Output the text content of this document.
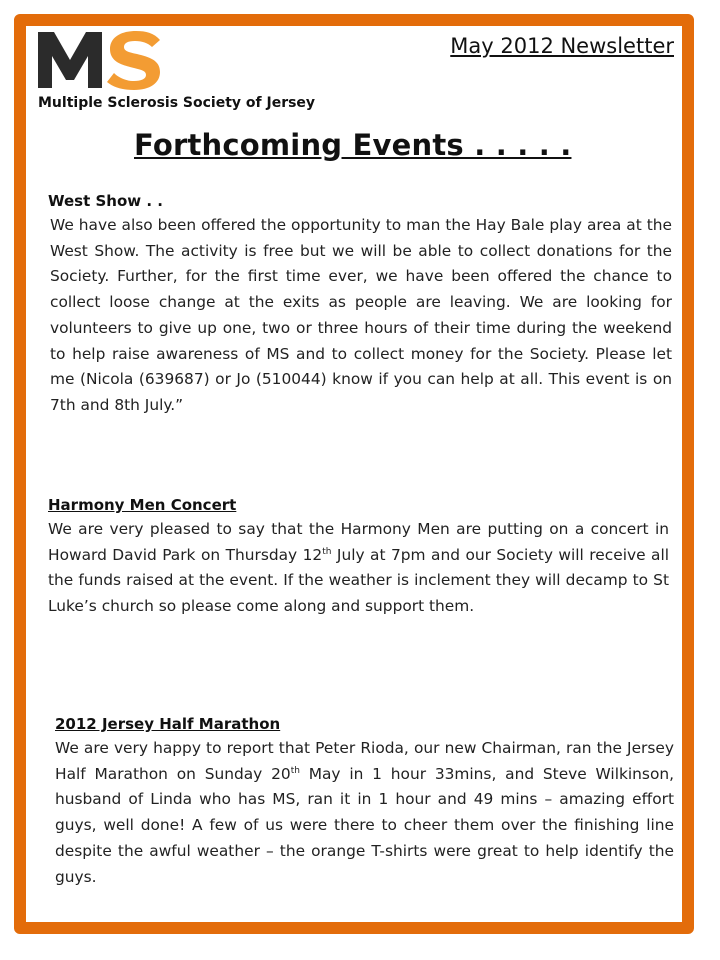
Multiple Sclerosis Society of Jersey
May 2012 Newsletter
Forthcoming Events . . . . .
West Show . .

We have also been offered the opportunity to man the Hay Bale play area at the West Show. The activity is free but we will be able to collect donations for the Society. Further, for the first time ever, we have been offered the chance to collect loose change at the exits as people are leaving. We are looking for volunteers to give up one, two or three hours of their time during the weekend to help raise awareness of MS and to collect money for the Society. Please let me (Nicola (639687) or Jo (510044) know if you can help at all. This event is on 7th and 8th July.”

Harmony Men Concert

We are very pleased to say that the Harmony Men are putting on a concert in Howard David Park on Thursday 12th July at 7pm and our Society will receive all the funds raised at the event. If the weather is inclement they will decamp to St Luke’s church so please come along and support them.

2012 Jersey Half Marathon

We are very happy to report that Peter Rioda, our new Chairman, ran the Jersey Half Marathon on Sunday 20th May in 1 hour 33mins, and Steve Wilkinson, husband of Linda who has MS, ran it in 1 hour and 49 mins – amazing effort guys, well done! A few of us were there to cheer them over the finishing line despite the awful weather – the orange T-shirts were great to help identify the guys.
